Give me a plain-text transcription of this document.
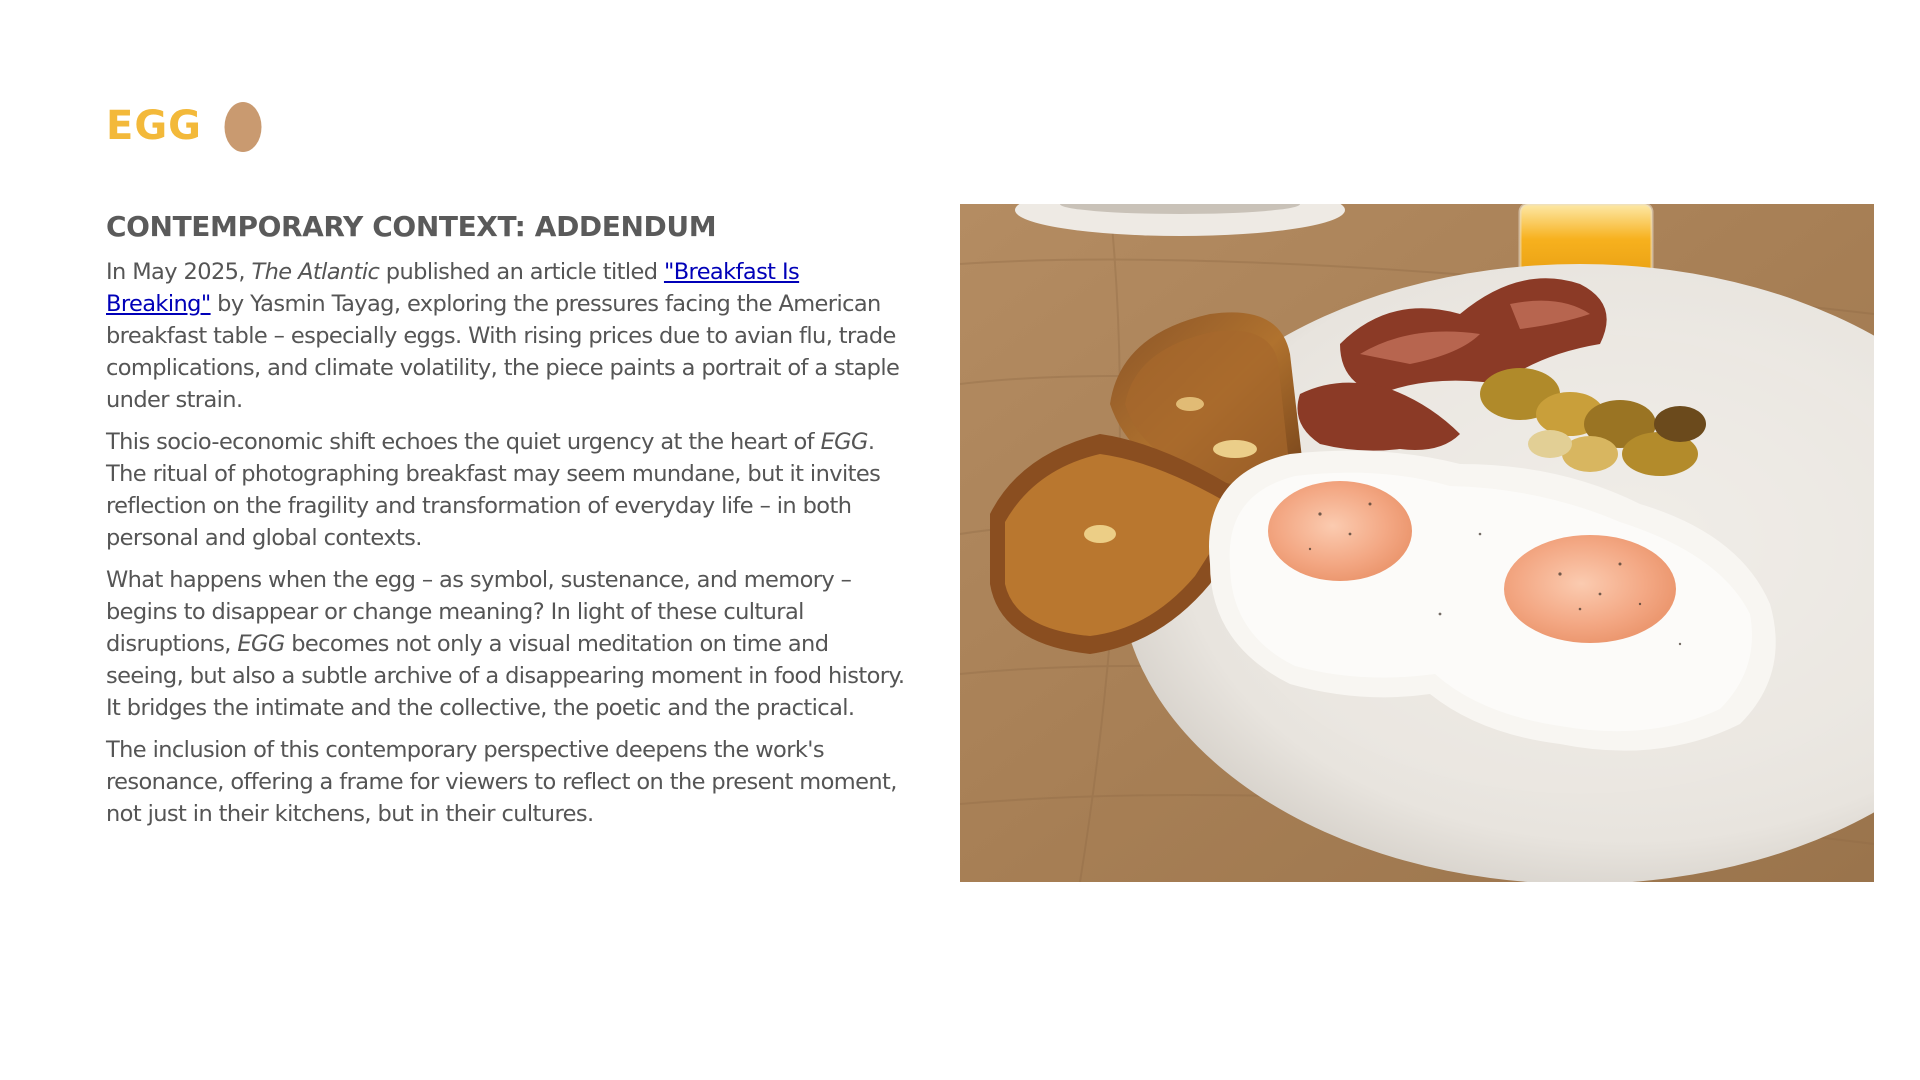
EGG
CONTEMPORARY CONTEXT: ADDENDUM

In May 2025, The Atlantic published an article titled "Breakfast Is Breaking" by Yasmin Tayag, exploring the pressures facing the American breakfast table – especially eggs. With rising prices due to avian flu, trade complications, and climate volatility, the piece paints a portrait of a staple under strain.

This socio-economic shift echoes the quiet urgency at the heart of EGG. The ritual of photographing breakfast may seem mundane, but it invites reflection on the fragility and transformation of everyday life – in both personal and global contexts.

What happens when the egg – as symbol, sustenance, and memory – begins to disappear or change meaning? In light of these cultural disruptions, EGG becomes not only a visual meditation on time and seeing, but also a subtle archive of a disappearing moment in food history. It bridges the intimate and the collective, the poetic and the practical.

The inclusion of this contemporary perspective deepens the work's resonance, offering a frame for viewers to reflect on the present moment, not just in their kitchens, but in their cultures.
